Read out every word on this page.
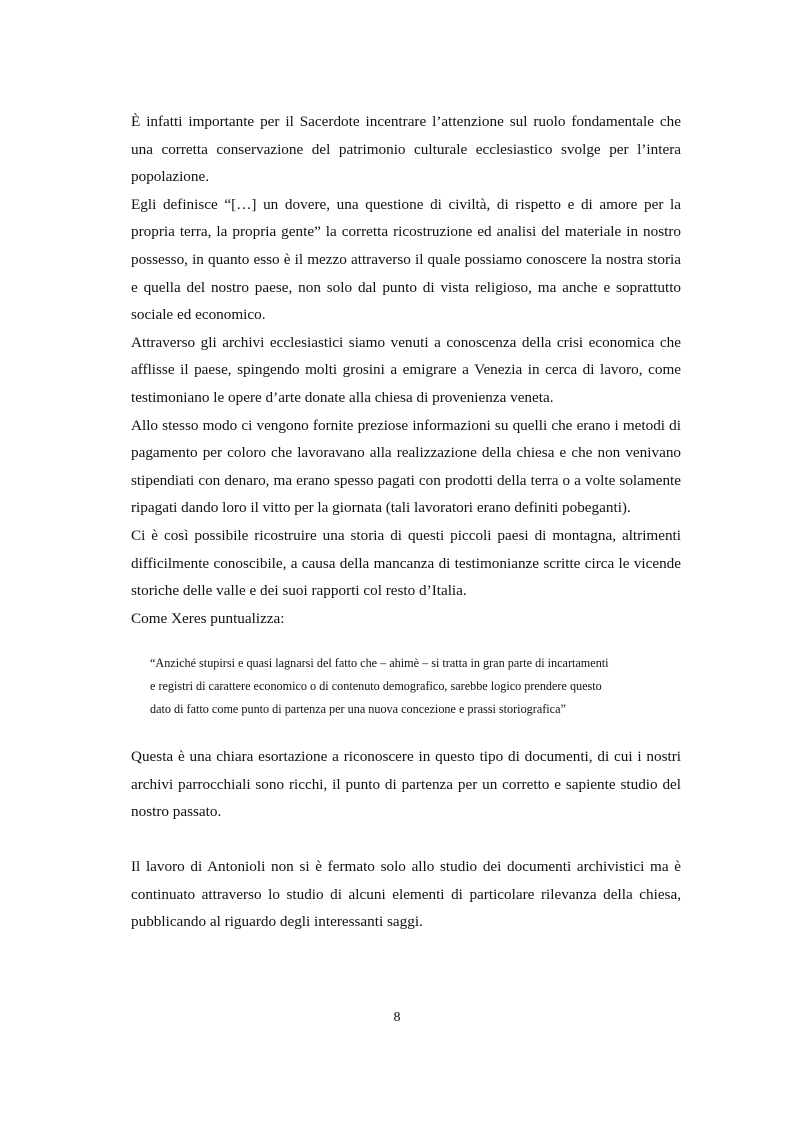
È infatti importante per il Sacerdote incentrare l’attenzione sul ruolo fondamentale che una corretta conservazione del patrimonio culturale ecclesiastico svolge per l’intera popolazione.

Egli definisce “[…] un dovere, una questione di civiltà, di rispetto e di amore per la propria terra, la propria gente” la corretta ricostruzione ed analisi del materiale in nostro possesso, in quanto esso è il mezzo attraverso il quale possiamo conoscere la nostra storia e quella del nostro paese, non solo dal punto di vista religioso, ma anche e soprattutto sociale ed economico.

Attraverso gli archivi ecclesiastici siamo venuti a conoscenza della crisi economica che afflisse il paese, spingendo molti grosini a emigrare a Venezia in cerca di lavoro, come testimoniano le opere d’arte donate alla chiesa di provenienza veneta.

Allo stesso modo ci vengono fornite preziose informazioni su quelli che erano i metodi di pagamento per coloro che lavoravano alla realizzazione della chiesa e che non venivano stipendiati con denaro, ma erano spesso pagati con prodotti della terra o a volte solamente ripagati dando loro il vitto per la giornata (tali lavoratori erano definiti pobeganti).

Ci è così possibile ricostruire una storia di questi piccoli paesi di montagna, altrimenti difficilmente conoscibile, a causa della mancanza di testimonianze scritte circa le vicende storiche delle valle e dei suoi rapporti col resto d’Italia.

Come Xeres puntualizza:

“Anziché stupirsi e quasi lagnarsi del fatto che – ahimè – si tratta in gran parte di incartamenti
e registri di carattere economico o di contenuto demografico, sarebbe logico prendere questo
dato di fatto come punto di partenza per una nuova concezione e prassi storiografica”

Questa è una chiara esortazione a riconoscere in questo tipo di documenti, di cui i nostri archivi parrocchiali sono ricchi, il punto di partenza per un corretto e sapiente studio del nostro passato.

Il lavoro di Antonioli non si è fermato solo allo studio dei documenti archivistici ma è continuato attraverso lo studio di alcuni elementi di particolare rilevanza della chiesa, pubblicando al riguardo degli interessanti saggi.

8
